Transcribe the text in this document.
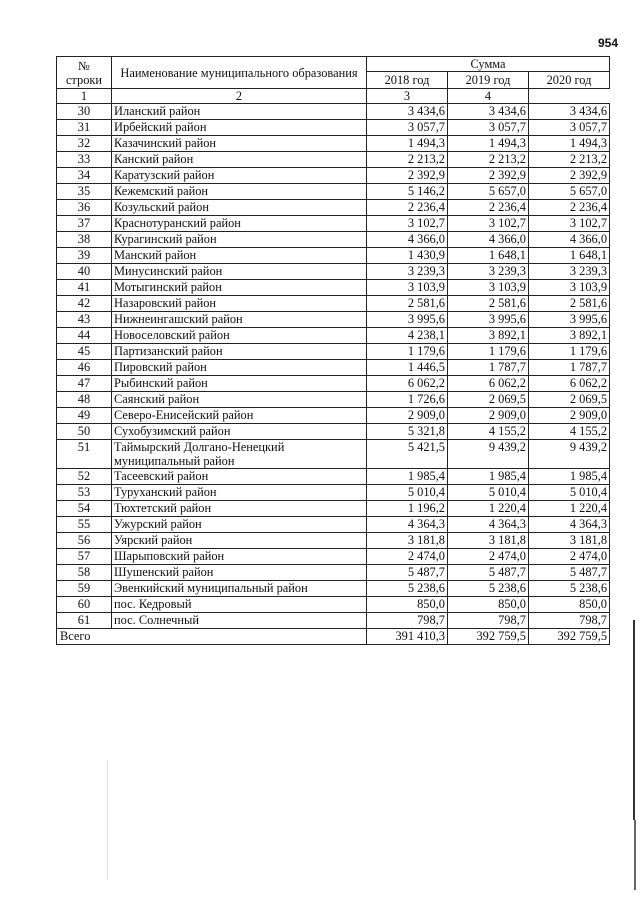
954
№ строки	Наименование муниципального образования	Сумма		
		2018 год	2019 год	2020 год
1	2	3	4	
30	Иланский район	3 434,6	3 434,6	3 434,6
31	Ирбейский район	3 057,7	3 057,7	3 057,7
32	Казачинский район	1 494,3	1 494,3	1 494,3
33	Канский район	2 213,2	2 213,2	2 213,2
34	Каратузский район	2 392,9	2 392,9	2 392,9
35	Кежемский район	5 146,2	5 657,0	5 657,0
36	Козульский район	2 236,4	2 236,4	2 236,4
37	Краснотуранский район	3 102,7	3 102,7	3 102,7
38	Курагинский район	4 366,0	4 366,0	4 366,0
39	Манский район	1 430,9	1 648,1	1 648,1
40	Минусинский район	3 239,3	3 239,3	3 239,3
41	Мотыгинский район	3 103,9	3 103,9	3 103,9
42	Назаровский район	2 581,6	2 581,6	2 581,6
43	Нижнеингашский район	3 995,6	3 995,6	3 995,6
44	Новоселовский район	4 238,1	3 892,1	3 892,1
45	Партизанский район	1 179,6	1 179,6	1 179,6
46	Пировский район	1 446,5	1 787,7	1 787,7
47	Рыбинский район	6 062,2	6 062,2	6 062,2
48	Саянский район	1 726,6	2 069,5	2 069,5
49	Северо-Енисейский район	2 909,0	2 909,0	2 909,0
50	Сухобузимский район	5 321,8	4 155,2	4 155,2
51	Таймырский Долгано-Ненецкий муниципальный район	5 421,5	9 439,2	9 439,2
52	Тасеевский район	1 985,4	1 985,4	1 985,4
53	Туруханский район	5 010,4	5 010,4	5 010,4
54	Тюхтетский район	1 196,2	1 220,4	1 220,4
55	Ужурский район	4 364,3	4 364,3	4 364,3
56	Уярский район	3 181,8	3 181,8	3 181,8
57	Шарыповский район	2 474,0	2 474,0	2 474,0
58	Шушенский район	5 487,7	5 487,7	5 487,7
59	Эвенкийский муниципальный район	5 238,6	5 238,6	5 238,6
60	пос. Кедровый	850,0	850,0	850,0
61	пос. Солнечный	798,7	798,7	798,7
Всего		391 410,3	392 759,5	392 759,5
